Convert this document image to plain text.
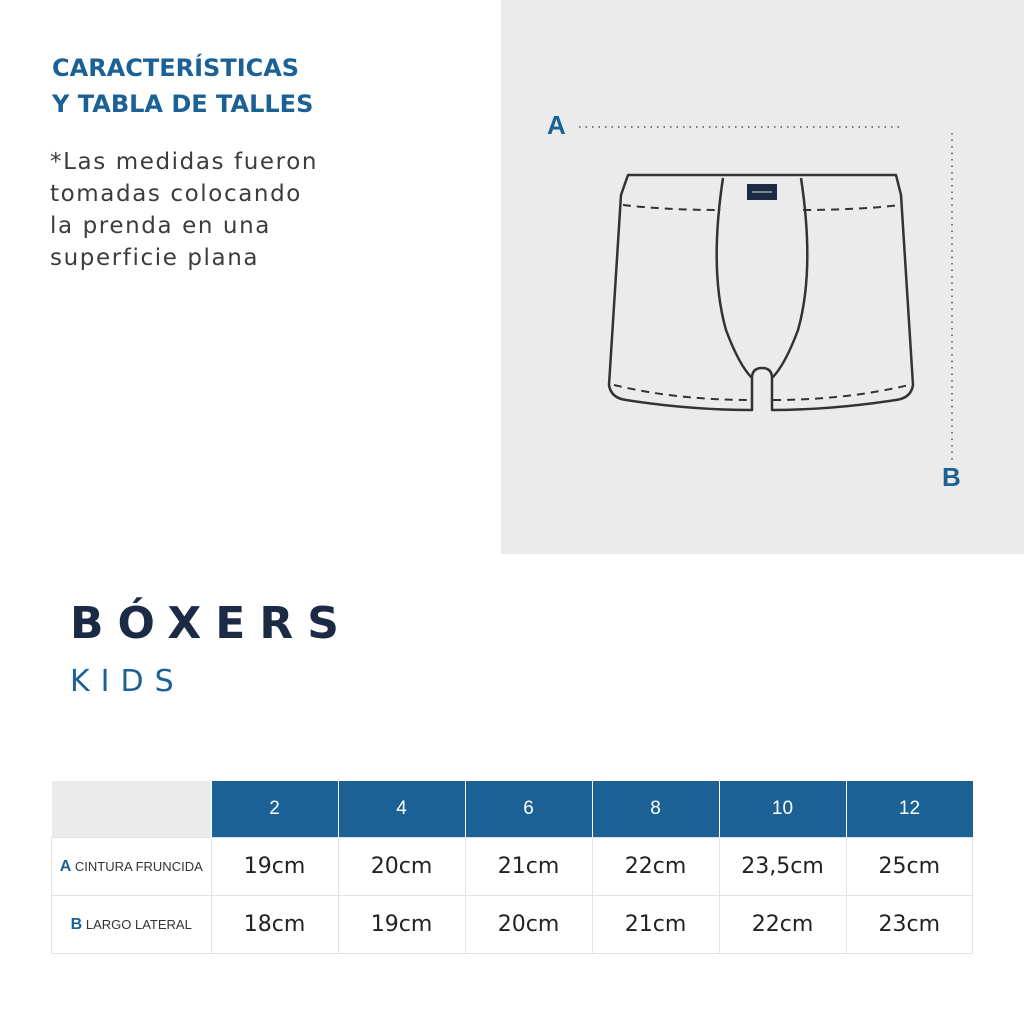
CARACTERÍSTICAS
Y TABLA DE TALLES
*Las medidas fueron
tomadas colocando
la prenda en una
superficie plana
A
B
BÓXERS
KIDS
	2	4	6	8	10	12
A CINTURA FRUNCIDA	19cm	20cm	21cm	22cm	23,5cm	25cm
B LARGO LATERAL	18cm	19cm	20cm	21cm	22cm	23cm
